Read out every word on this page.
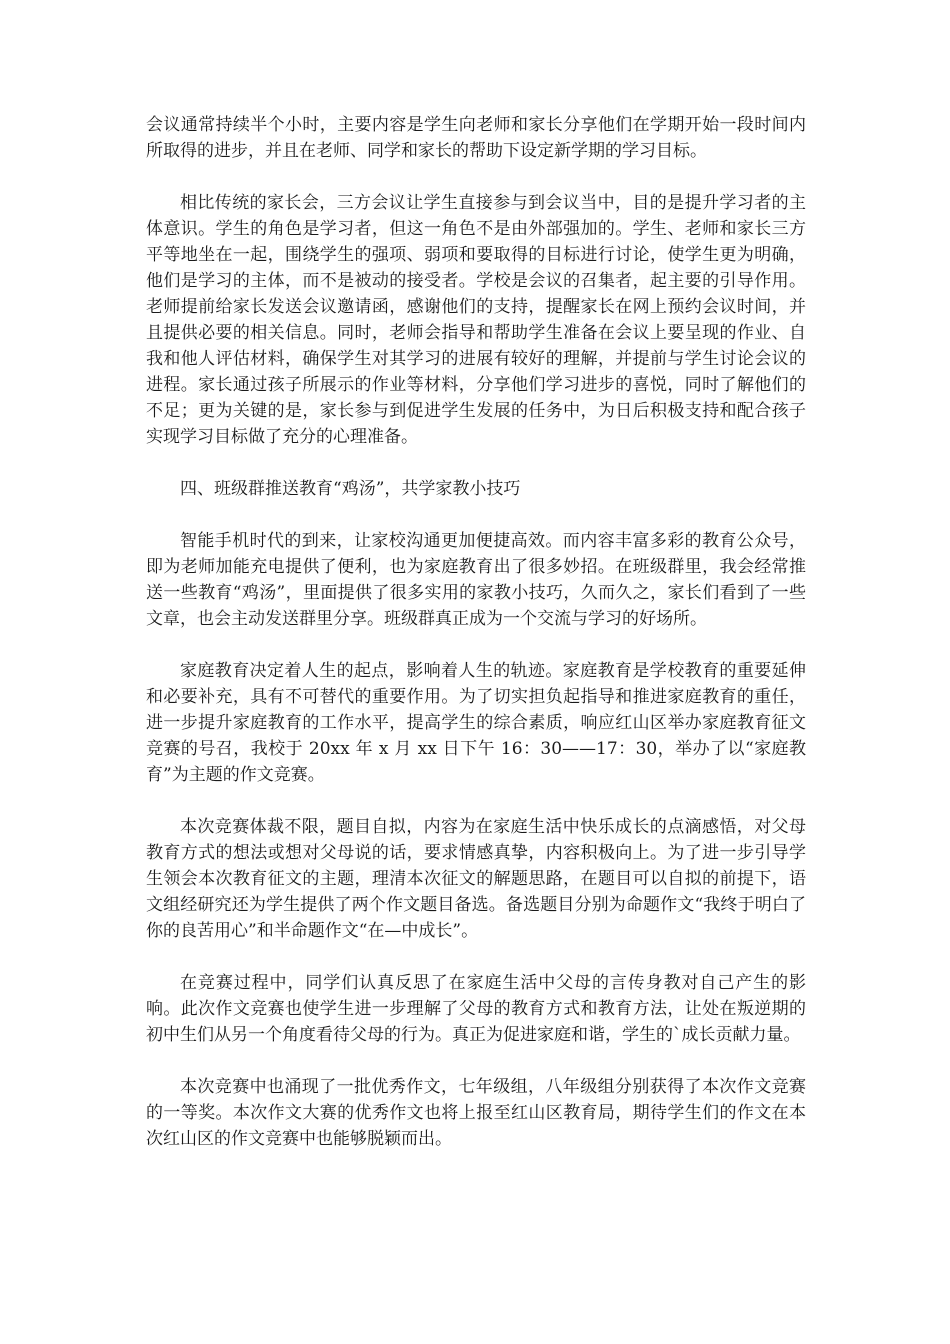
会议通常持续半个小时，主要内容是学生向老师和家长分享他们在学期开始一段时间内所取得的进步，并且在老师、同学和家长的帮助下设定新学期的学习目标。

相比传统的家长会，三方会议让学生直接参与到会议当中，目的是提升学习者的主体意识。学生的角色是学习者，但这一角色不是由外部强加的。学生、老师和家长三方平等地坐在一起，围绕学生的强项、弱项和要取得的目标进行讨论，使学生更为明确，他们是学习的主体，而不是被动的接受者。学校是会议的召集者，起主要的引导作用。老师提前给家长发送会议邀请函，感谢他们的支持，提醒家长在网上预约会议时间，并且提供必要的相关信息。同时，老师会指导和帮助学生准备在会议上要呈现的作业、自我和他人评估材料，确保学生对其学习的进展有较好的理解，并提前与学生讨论会议的进程。家长通过孩子所展示的作业等材料，分享他们学习进步的喜悦，同时了解他们的不足；更为关键的是，家长参与到促进学生发展的任务中，为日后积极支持和配合孩子实现学习目标做了充分的心理准备。

四、班级群推送教育“鸡汤”，共学家教小技巧

智能手机时代的到来，让家校沟通更加便捷高效。而内容丰富多彩的教育公众号，即为老师加能充电提供了便利，也为家庭教育出了很多妙招。在班级群里，我会经常推送一些教育“鸡汤”，里面提供了很多实用的家教小技巧，久而久之，家长们看到了一些文章，也会主动发送群里分享。班级群真正成为一个交流与学习的好场所。

家庭教育决定着人生的起点，影响着人生的轨迹。家庭教育是学校教育的重要延伸和必要补充，具有不可替代的重要作用。为了切实担负起指导和推进家庭教育的重任，进一步提升家庭教育的工作水平，提高学生的综合素质，响应红山区举办家庭教育征文竞赛的号召，我校于 20xx 年 x 月 xx 日下午 16：30——17：30，举办了以“家庭教育”为主题的作文竞赛。

本次竞赛体裁不限，题目自拟，内容为在家庭生活中快乐成长的点滴感悟，对父母教育方式的想法或想对父母说的话，要求情感真挚，内容积极向上。为了进一步引导学生领会本次教育征文的主题，理清本次征文的解题思路，在题目可以自拟的前提下，语文组经研究还为学生提供了两个作文题目备选。备选题目分别为命题作文“我终于明白了你的良苦用心”和半命题作文“在—中成长”。

在竞赛过程中，同学们认真反思了在家庭生活中父母的言传身教对自己产生的影响。此次作文竞赛也使学生进一步理解了父母的教育方式和教育方法，让处在叛逆期的初中生们从另一个角度看待父母的行为。真正为促进家庭和谐，学生的`成长贡献力量。

本次竞赛中也涌现了一批优秀作文，七年级组，八年级组分别获得了本次作文竞赛的一等奖。本次作文大赛的优秀作文也将上报至红山区教育局，期待学生们的作文在本次红山区的作文竞赛中也能够脱颖而出。
